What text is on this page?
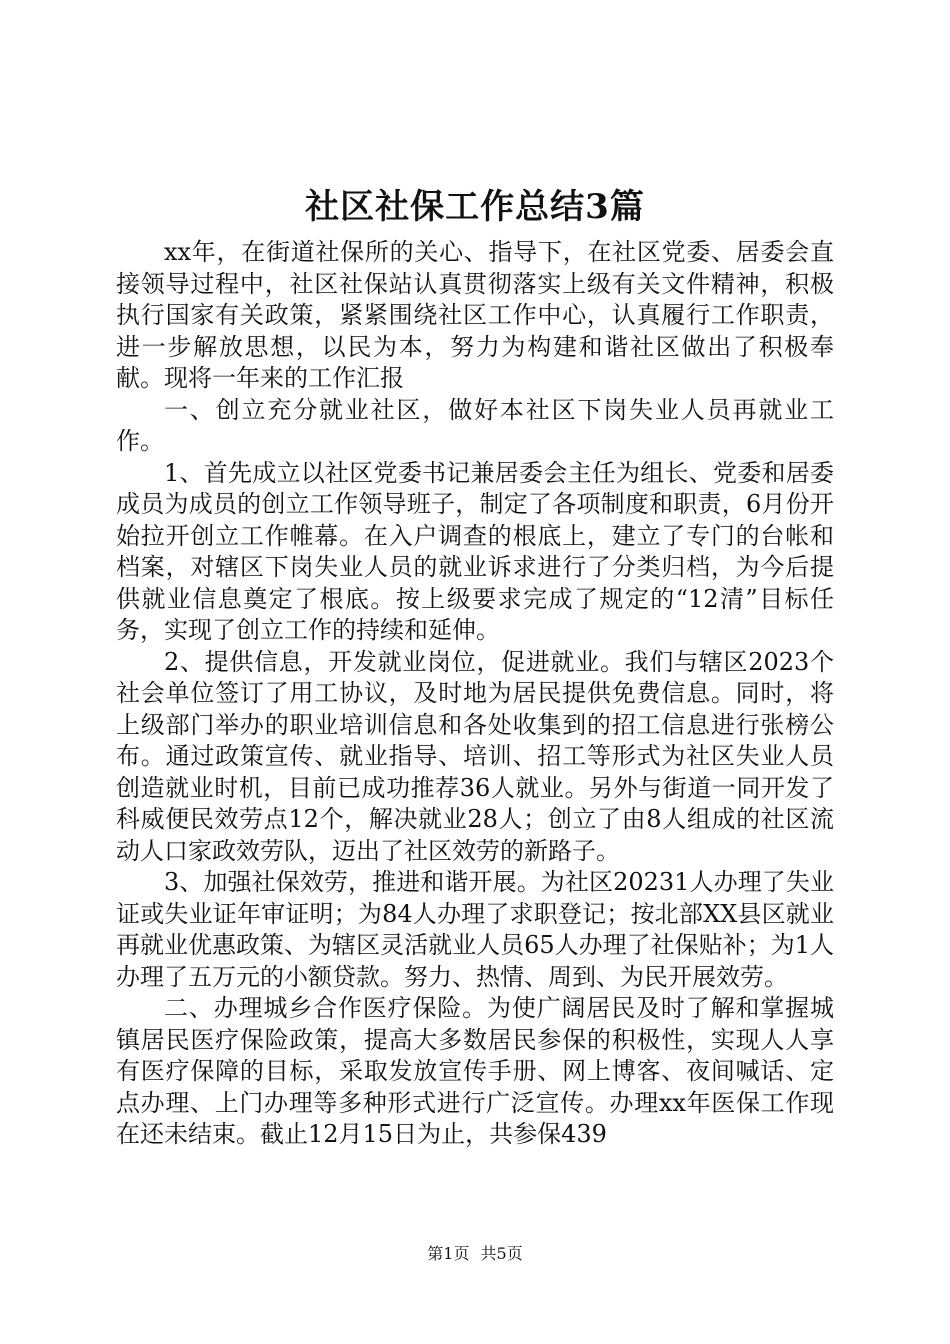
社区社保工作总结3篇

xx年，在街道社保所的关心、指导下，在社区党委、居委会直接领导过程中，社区社保站认真贯彻落实上级有关文件精神，积极执行国家有关政策，紧紧围绕社区工作中心，认真履行工作职责，进一步解放思想，以民为本，努力为构建和谐社区做出了积极奉献。现将一年来的工作汇报

一、创立充分就业社区，做好本社区下岗失业人员再就业工作。

1、首先成立以社区党委书记兼居委会主任为组长、党委和居委成员为成员的创立工作领导班子，制定了各项制度和职责，6月份开始拉开创立工作帷幕。在入户调查的根底上，建立了专门的台帐和档案，对辖区下岗失业人员的就业诉求进行了分类归档，为今后提供就业信息奠定了根底。按上级要求完成了规定的“12清”目标任务，实现了创立工作的持续和延伸。

2、提供信息，开发就业岗位，促进就业。我们与辖区2023个社会单位签订了用工协议，及时地为居民提供免费信息。同时，将上级部门举办的职业培训信息和各处收集到的招工信息进行张榜公布。通过政策宣传、就业指导、培训、招工等形式为社区失业人员创造就业时机，目前已成功推荐36人就业。另外与街道一同开发了科威便民效劳点12个，解决就业28人；创立了由8人组成的社区流动人口家政效劳队，迈出了社区效劳的新路子。

3、加强社保效劳，推进和谐开展。为社区20231人办理了失业证或失业证年审证明；为84人办理了求职登记；按北部XX县区就业再就业优惠政策、为辖区灵活就业人员65人办理了社保贴补；为1人办理了五万元的小额贷款。努力、热情、周到、为民开展效劳。

二、办理城乡合作医疗保险。为使广阔居民及时了解和掌握城镇居民医疗保险政策，提高大多数居民参保的积极性，实现人人享有医疗保障的目标，采取发放宣传手册、网上博客、夜间喊话、定点办理、上门办理等多种形式进行广泛宣传。办理xx年医保工作现在还未结束。截止12月15日为止，共参保439

第1页 共5页
